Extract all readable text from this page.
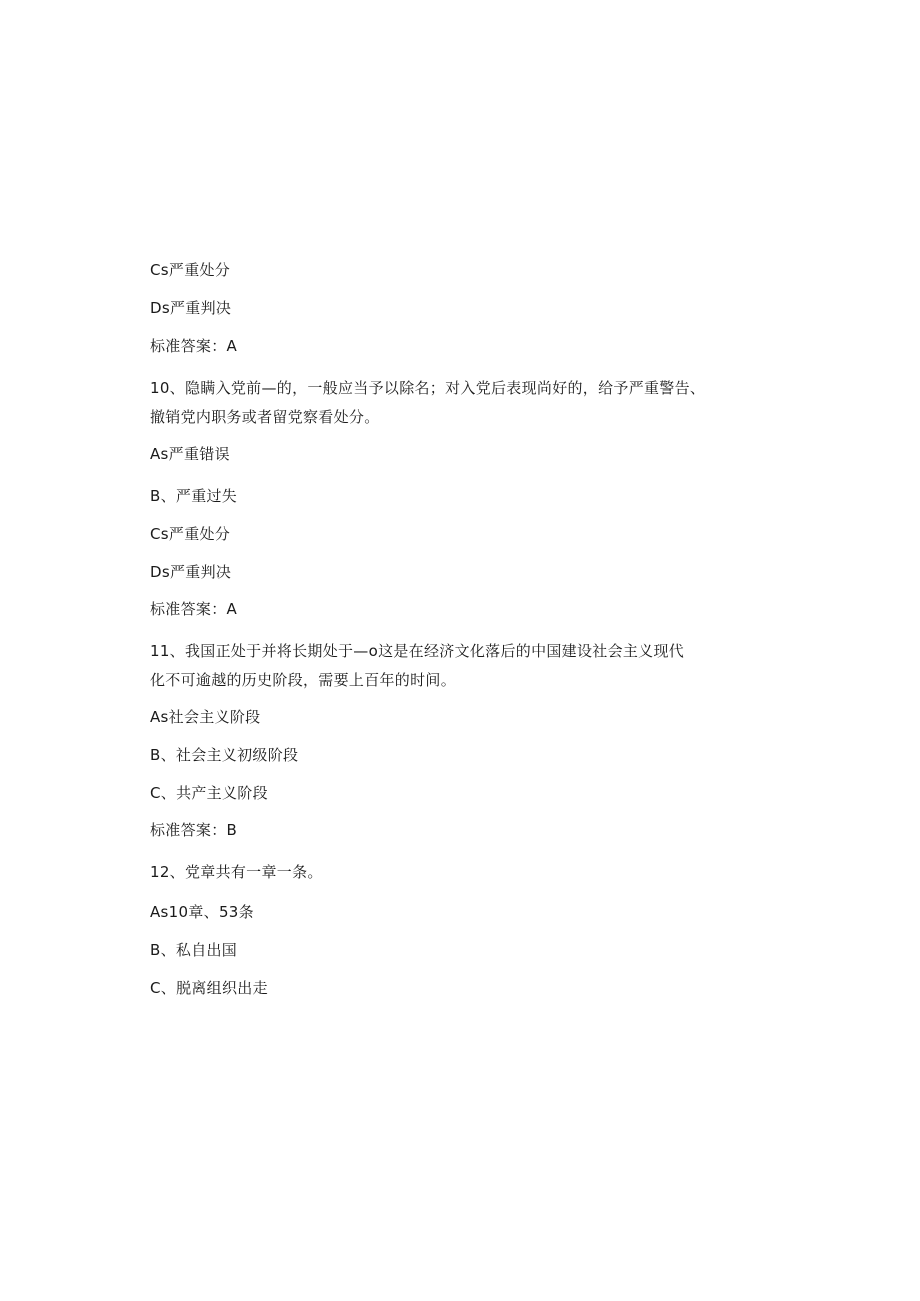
Cs严重处分
Ds严重判决
标准答案：A
10、隐瞒入党前—的，一般应当予以除名；对入党后表现尚好的，给予严重警告、
撤销党内职务或者留党察看处分。
As严重错误
B、严重过失
Cs严重处分
Ds严重判决
标准答案：A
11、我国正处于并将长期处于—o这是在经济文化落后的中国建设社会主义现代
化不可逾越的历史阶段，需要上百年的时间。
As社会主义阶段
B、社会主义初级阶段
C、共产主义阶段
标准答案：B
12、党章共有一章一条。
As10章、53条
B、私自出国
C、脱离组织出走
